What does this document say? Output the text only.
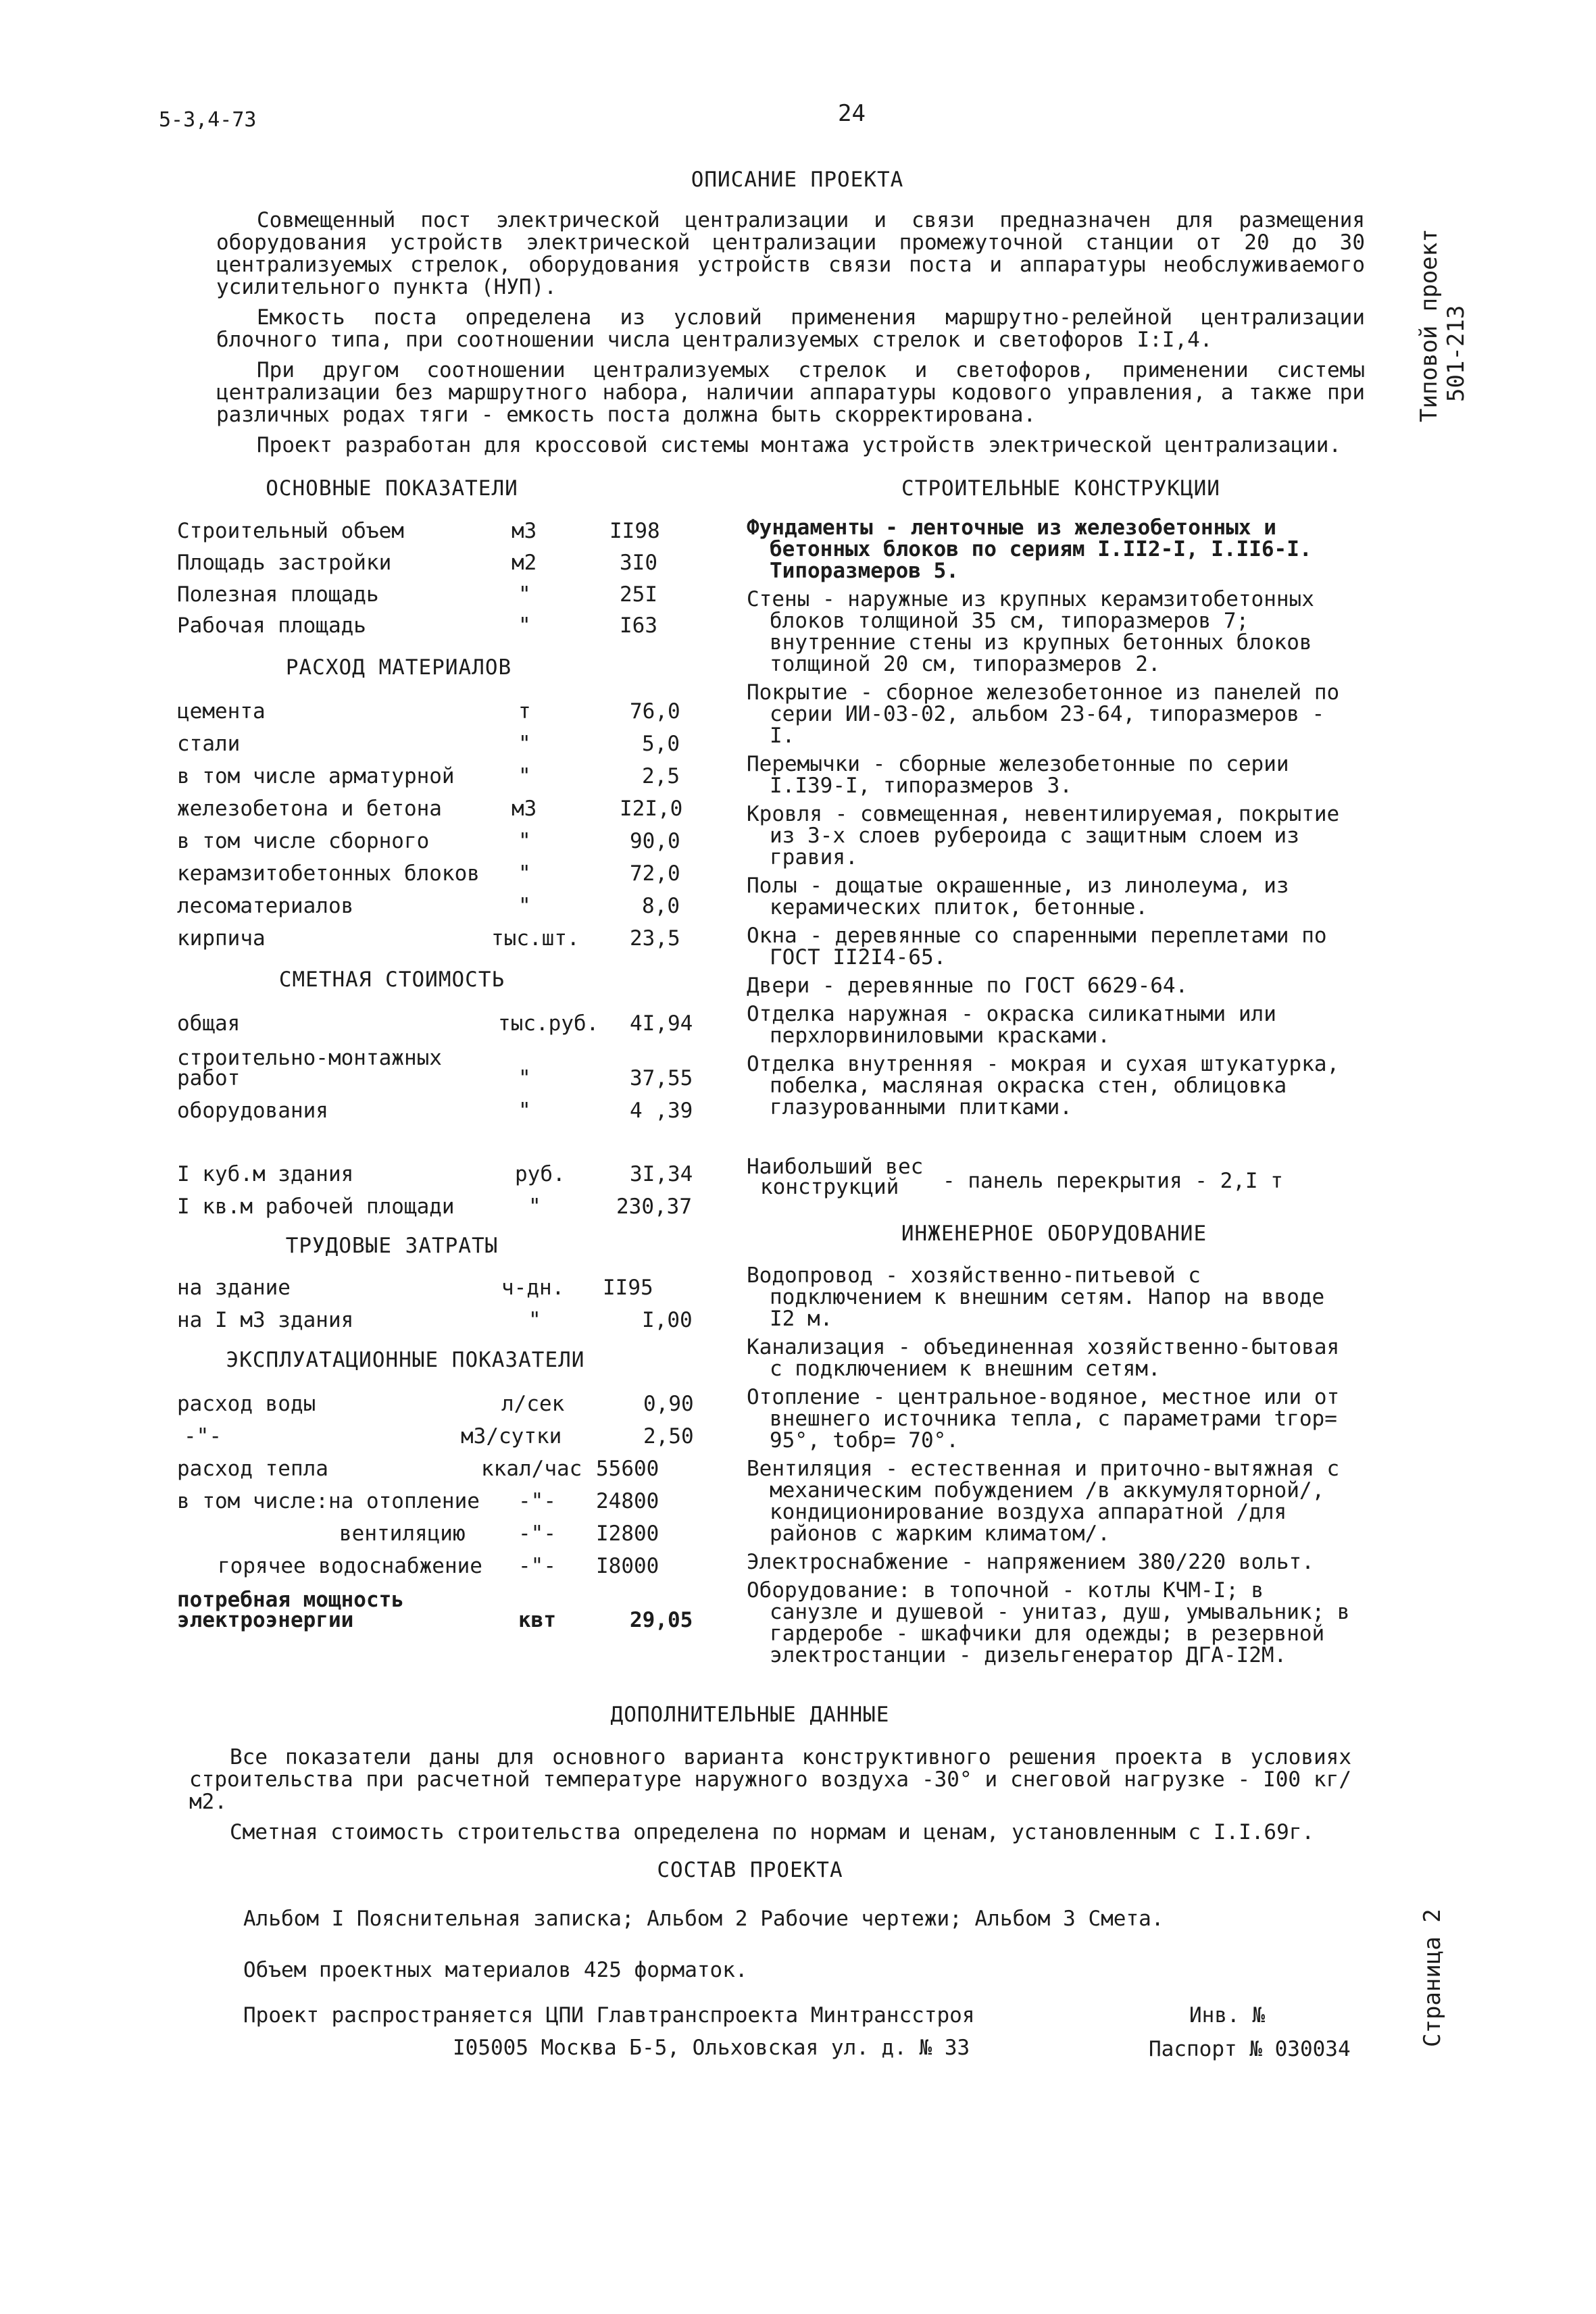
5-3,4-73	24
Типовой проект 501-213
Страница 2
ОПИСАНИЕ ПРОЕКТА

Совмещенный пост электрической централизации и связи предназначен для размещения оборудования устройств электрической централизации промежуточной станции от 20 до 30 централизуемых стрелок, оборудования устройств связи поста и аппаратуры необслуживаемого усилительного пункта (НУП).

Емкость поста определена из условий применения маршрутно-релейной централизации блочного типа, при соотношении числа централизуемых стрелок и светофоров I:I,4.

При другом соотношении централизуемых стрелок и светофоров, применении системы централизации без маршрутного набора, наличии аппаратуры кодового управления, а также при различных родах тяги - емкость поста должна быть скорректирована.

Проект разработан для кроссовой системы монтажа устройств электрической централизации.

ОСНОВНЫЕ ПОКАЗАТЕЛИ	СТРОИТЕЛЬНЫЕ КОНСТРУКЦИИ
Строительный объем	м3	II98
Площадь застройки	м2	3I0
Полезная площадь	"	25I
Рабочая площадь	"	I63
РАСХОД МАТЕРИАЛОВ
цемента	т	76,0
стали	"	5,0
в том числе арматурной	"	2,5
железобетона и бетона	м3	I2I,0
в том числе сборного	"	90,0
керамзитобетонных блоков "	72,0
лесоматериалов	"	8,0
кирпича	тыс.шт. 23,5
СМЕТНАЯ СТОИМОСТЬ
общая	тыс.руб. 4I,94
строительно-монтажных
работ	"	37,55
оборудования	"	4 ,39
I куб.м здания	руб.	3I,34
I кв.м рабочей площади	"	230,37
ТРУДОВЫЕ ЗАТРАТЫ
на здание	ч-дн. II95
на I м3 здания	"	I,00
ЭКСПЛУАТАЦИОННЫЕ ПОКАЗАТЕЛИ
расход воды	л/сек	0,90
-"-	м3/сутки	2,50
расход тепла	ккал/час 55600
в том числе:на отопление -"- 24800
вентиляцию	-"- I2800
горячее водоснабжение -"- I8000
потребная мощность
электроэнергии	квт	29,05

Фундаменты - ленточные из железобетонных и бетонных блоков по сериям I.II2-I, I.II6-I. Типоразмеров 5.

Стены - наружные из крупных керамзитобетонных блоков толщиной 35 см, типоразмеров 7; внутренние стены из крупных бетонных блоков толщиной 20 см, типоразмеров 2.

Покрытие - сборное железобетонное из панелей по серии ИИ-03-02, альбом 23-64, типоразмеров - I.

Перемычки - сборные железобетонные по серии I.I39-I, типоразмеров 3.

Кровля - совмещенная, невентилируемая, покрытие из 3-х слоев рубероида с защитным слоем из гравия.

Полы - дощатые окрашенные, из линолеума, из керамических плиток, бетонные.

Окна - деревянные со спаренными переплетами по ГОСТ II2I4-65.

Двери - деревянные по ГОСТ 6629-64.

Отделка наружная - окраска силикатными или перхлорвиниловыми красками.

Отделка внутренняя - мокрая и сухая штукатурка, побелка, масляная окраска стен, облицовка глазурованными плитками.

Наибольший вес
конструкций	- панель перекрытия - 2,I т
ИНЖЕНЕРНОЕ ОБОРУДОВАНИЕ

Водопровод - хозяйственно-питьевой с подключением к внешним сетям. Напор на вводе I2 м.

Канализация - объединенная хозяйственно-бытовая с подключением к внешним сетям.

Отопление - центральное-водяное, местное или от внешнего источника тепла, с параметрами tгор= 95°, tобр= 70°.

Вентиляция - естественная и приточно-вытяжная с механическим побуждением /в аккумуляторной/, кондиционирование воздуха аппаратной /для районов с жарким климатом/.

Электроснабжение - напряжением 380/220 вольт.

Оборудование: в топочной - котлы КЧМ-I; в санузле и душевой - унитаз, душ, умывальник; в гардеробе - шкафчики для одежды; в резервной электростанции - дизельгенератор ДГА-I2М.

ДОПОЛНИТЕЛЬНЫЕ ДАННЫЕ

Все показатели даны для основного варианта конструктивного решения проекта в условиях строительства при расчетной температуре наружного воздуха -30° и снеговой нагрузке - I00 кг/м2.

Сметная стоимость строительства определена по нормам и ценам, установленным с I.I.69г.

СОСТАВ ПРОЕКТА
Альбом I Пояснительная записка; Альбом 2 Рабочие чертежи; Альбом 3 Смета.
Объем проектных материалов 425 форматок.
Проект распространяется ЦПИ Главтранспроекта Минтрансстроя
I05005 Москва Б-5, Ольховская ул. д. № 33
Инв. №
Паспорт № 030034
